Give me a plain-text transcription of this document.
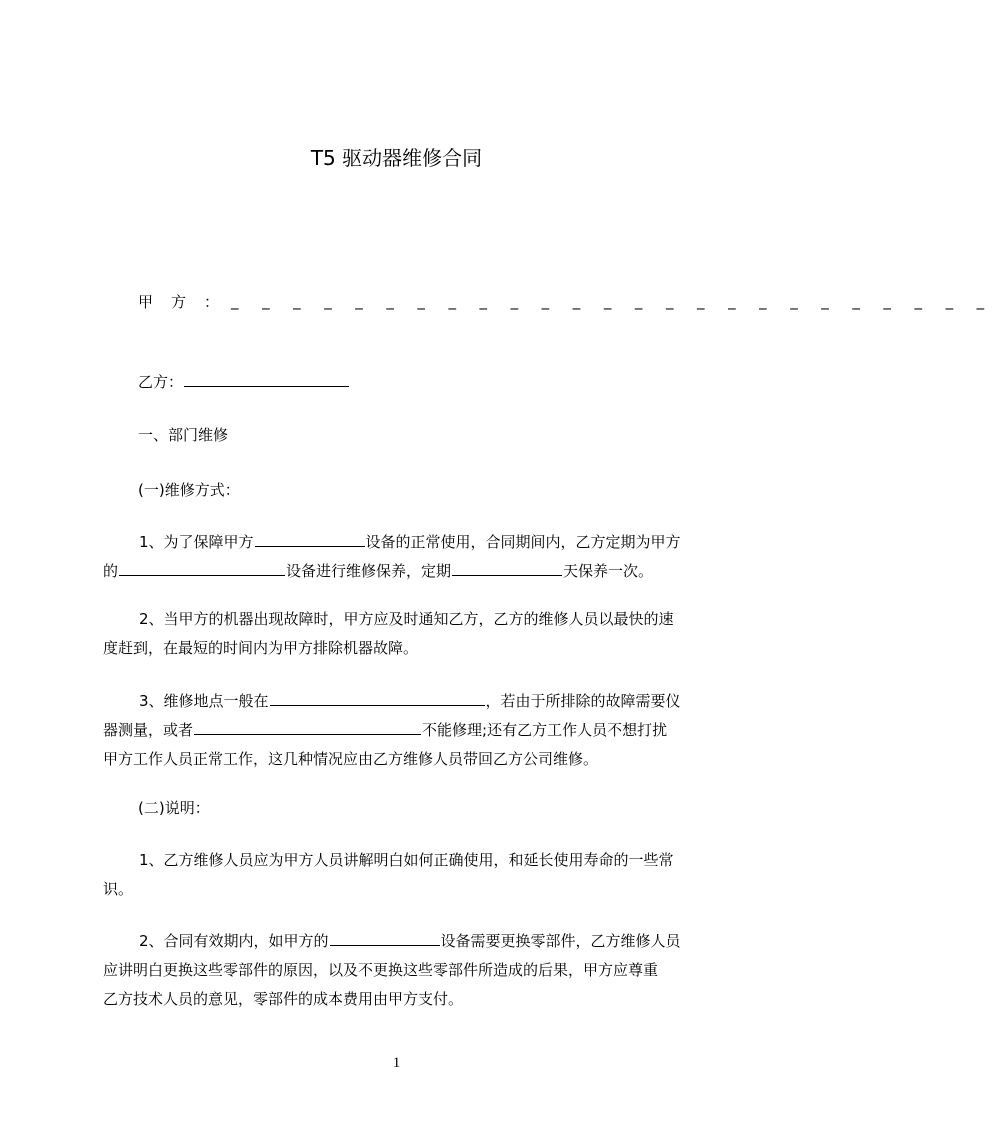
T5 驱动器维修合同
甲 方 ： _ _ _ _ _ _ _ _ _ _ _ _ _ _ _ _ _ _ _ _ _ _ _ _ _
乙方：
一、部门维修
(一)维修方式：
1、为了保障甲方	设备的正常使用，合同期间内，乙方定期为甲方
的	设备进行维修保养，定期	天保养一次。
2、当甲方的机器出现故障时，甲方应及时通知乙方，乙方的维修人员以最快的速
度赶到，在最短的时间内为甲方排除机器故障。
3、维修地点一般在	，若由于所排除的故障需要仪
器测量，或者	不能修理;还有乙方工作人员不想打扰
甲方工作人员正常工作，这几种情况应由乙方维修人员带回乙方公司维修。
(二)说明：
1、乙方维修人员应为甲方人员讲解明白如何正确使用，和延长使用寿命的一些常
识。
2、合同有效期内，如甲方的	设备需要更换零部件，乙方维修人员
应讲明白更换这些零部件的原因，以及不更换这些零部件所造成的后果，甲方应尊重
乙方技术人员的意见，零部件的成本费用由甲方支付。
1
